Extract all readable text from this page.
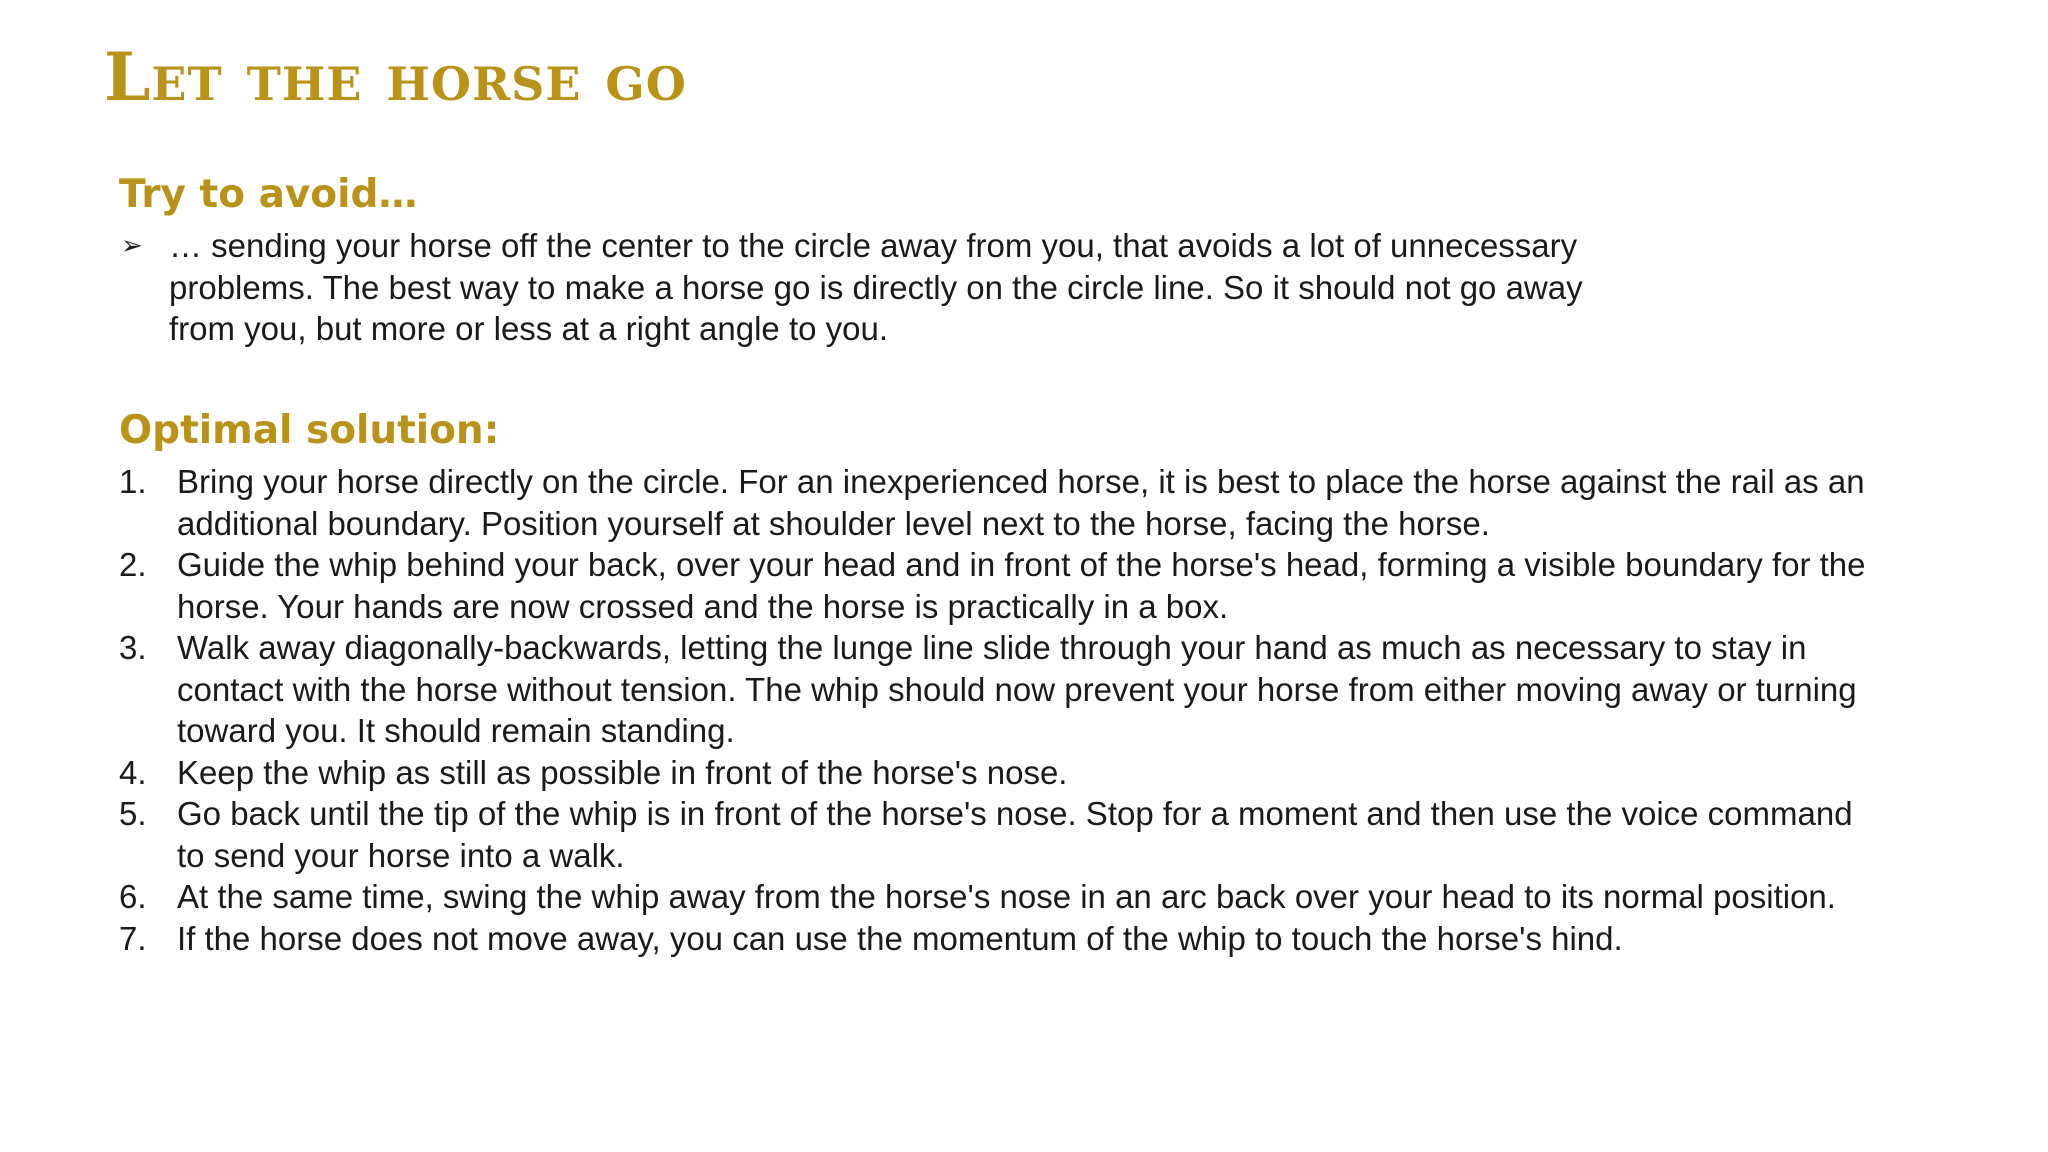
Let the horse go
Try to avoid…
➢ … sending your horse off the center to the circle away from you, that avoids a lot of unnecessary problems. The best way to make a horse go is directly on the circle line. So it should not go away from you, but more or less at a right angle to you.
Optimal solution:
1. Bring your horse directly on the circle. For an inexperienced horse, it is best to place the horse against the rail as an additional boundary. Position yourself at shoulder level next to the horse, facing the horse.
2. Guide the whip behind your back, over your head and in front of the horse's head, forming a visible boundary for the horse. Your hands are now crossed and the horse is practically in a box.
3. Walk away diagonally-backwards, letting the lunge line slide through your hand as much as necessary to stay in contact with the horse without tension. The whip should now prevent your horse from either moving away or turning toward you. It should remain standing.
4. Keep the whip as still as possible in front of the horse's nose.
5. Go back until the tip of the whip is in front of the horse's nose. Stop for a moment and then use the voice command to send your horse into a walk.
6. At the same time, swing the whip away from the horse's nose in an arc back over your head to its normal position.
7. If the horse does not move away, you can use the momentum of the whip to touch the horse's hind.
